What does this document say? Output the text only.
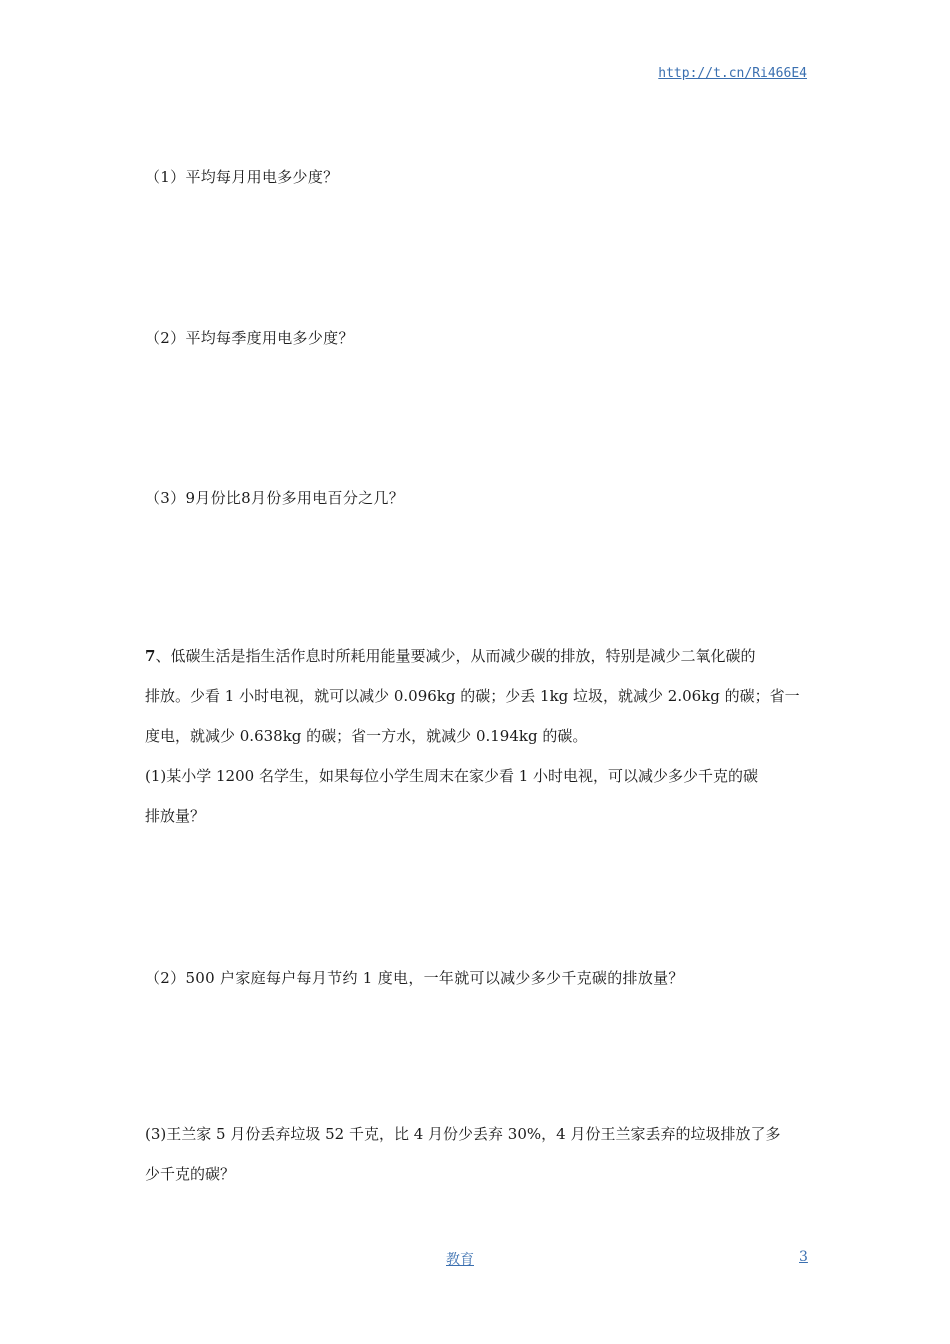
http://t.cn/Ri466E4
（1）平均每月用电多少度？
（2）平均每季度用电多少度？
（3）9月份比8月份多用电百分之几？

7、低碳生活是指生活作息时所耗用能量要减少，从而减少碳的排放，特别是减少二氧化碳的

排放。少看 1 小时电视，就可以减少 0.096kg 的碳；少丢 1kg 垃圾，就减少 2.06kg 的碳；省一

度电，就减少 0.638kg 的碳；省一方水，就减少 0.194kg 的碳。

(1)某小学 1200 名学生，如果每位小学生周末在家少看 1 小时电视，可以减少多少千克的碳

排放量？

（2）500 户家庭每户每月节约 1 度电，一年就可以减少多少千克碳的排放量？

(3)王兰家 5 月份丢弃垃圾 52 千克，比 4 月份少丢弃 30%，4 月份王兰家丢弃的垃圾排放了多

少千克的碳？

教育	3
